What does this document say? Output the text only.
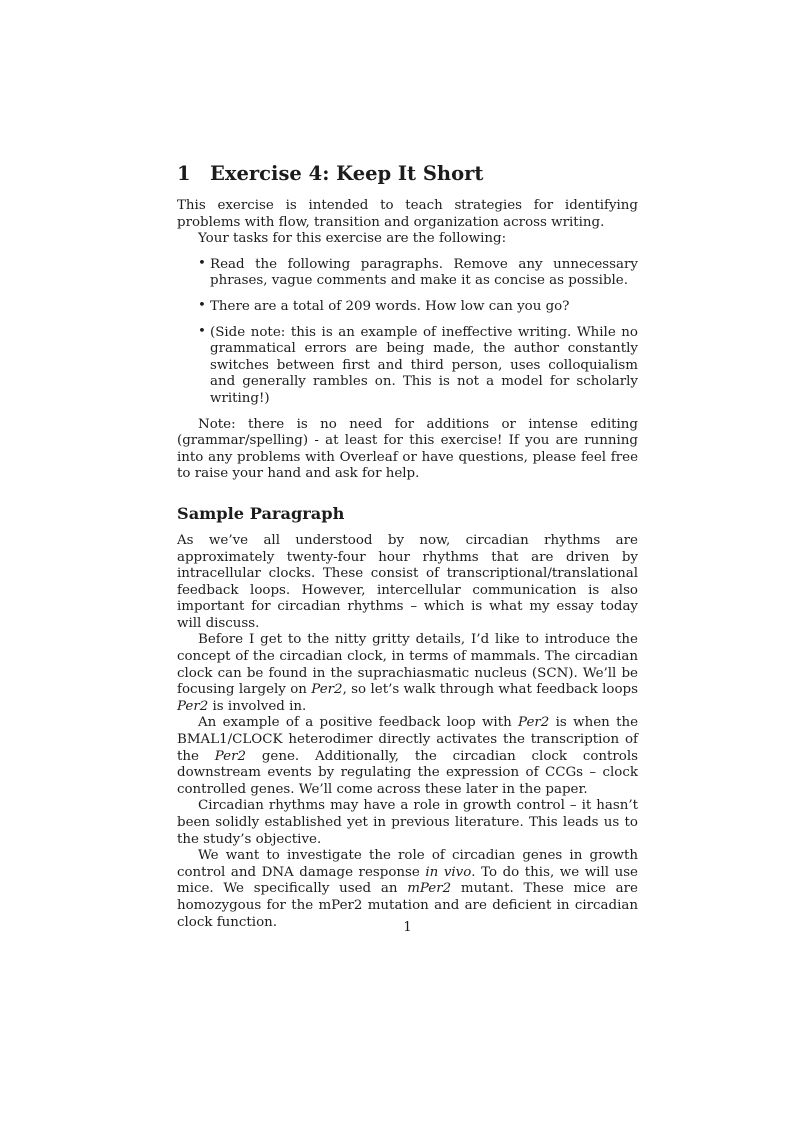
1 Exercise 4: Keep It Short

This exercise is intended to teach strategies for identifying problems with flow, transition and organization across writing.

Your tasks for this exercise are the following:

• Read the following paragraphs. Remove any unnecessary phrases, vague comments and make it as concise as possible.
• There are a total of 209 words. How low can you go?
• (Side note: this is an example of ineffective writing. While no grammatical errors are being made, the author constantly switches between first and third person, uses colloquialism and generally rambles on. This is not a model for scholarly writing!)

Note: there is no need for additions or intense editing (grammar/spelling) - at least for this exercise! If you are running into any problems with Overleaf or have questions, please feel free to raise your hand and ask for help.

Sample Paragraph

As we’ve all understood by now, circadian rhythms are approximately twenty-four hour rhythms that are driven by intracellular clocks. These consist of transcriptional/translational feedback loops. However, intercellular communication is also important for circadian rhythms – which is what my essay today will discuss.

Before I get to the nitty gritty details, I’d like to introduce the concept of the circadian clock, in terms of mammals. The circadian clock can be found in the suprachiasmatic nucleus (SCN). We’ll be focusing largely on Per2, so let’s walk through what feedback loops Per2 is involved in.

An example of a positive feedback loop with Per2 is when the BMAL1/CLOCK heterodimer directly activates the transcription of the Per2 gene. Additionally, the circadian clock controls downstream events by regulating the expression of CCGs – clock controlled genes. We’ll come across these later in the paper.

Circadian rhythms may have a role in growth control – it hasn’t been solidly established yet in previous literature. This leads us to the study’s objective.

We want to investigate the role of circadian genes in growth control and DNA damage response in vivo. To do this, we will use mice. We specifically used an mPer2 mutant. These mice are homozygous for the mPer2 mutation and are deficient in circadian clock function.	1
